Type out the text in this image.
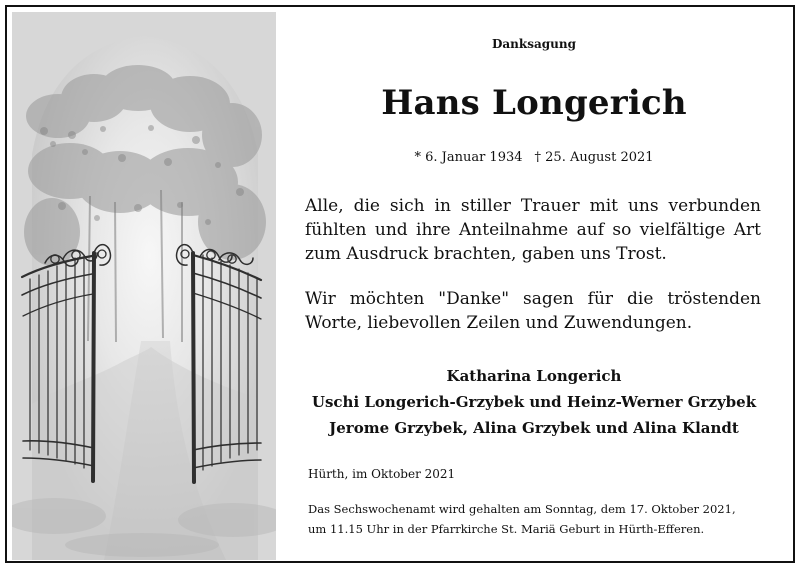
Danksagung
Hans Longerich
* 6. Januar 1934 † 25. August 2021
Alle, die sich in stiller Trauer mit uns verbunden fühlten und ihre Anteilnahme auf so vielfältige Art zum Ausdruck brachten, gaben uns Trost.
Wir möchten "Danke" sagen für die tröstenden Worte, liebevollen Zeilen und Zuwendungen.
Katharina Longerich
Uschi Longerich-Grzybek und Heinz-Werner Grzybek
Jerome Grzybek, Alina Grzybek und Alina Klandt
Hürth, im Oktober 2021
Das Sechswochenamt wird gehalten am Sonntag, dem 17. Oktober 2021,
um 11.15 Uhr in der Pfarrkirche St. Mariä Geburt in Hürth-Efferen.
